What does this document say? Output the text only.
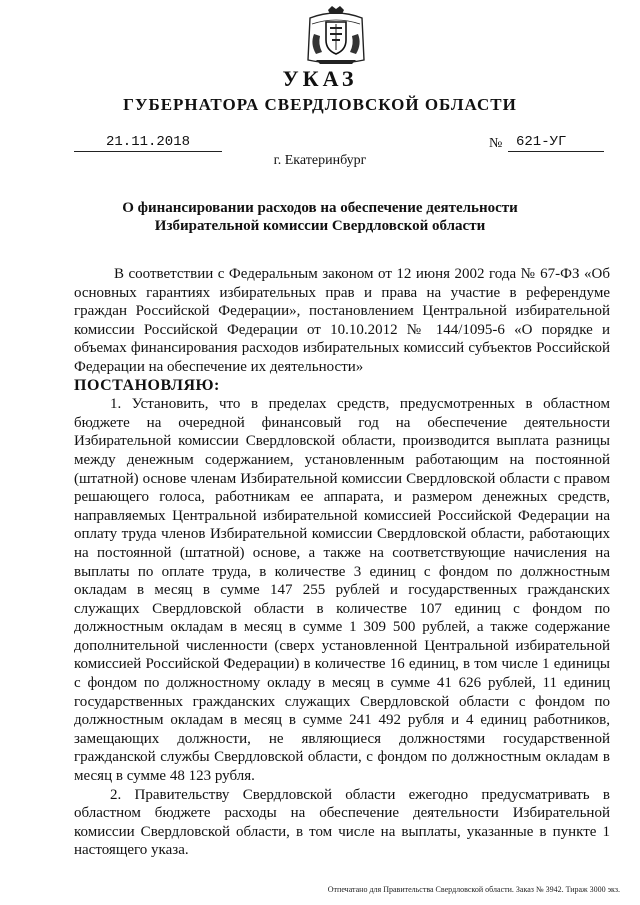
УКАЗ
ГУБЕРНАТОРА СВЕРДЛОВСКОЙ ОБЛАСТИ
21.11.2018	№ 621-УГ
г. Екатеринбург
О финансировании расходов на обеспечение деятельности
Избирательной комиссии Свердловской области

В соответствии с Федеральным законом от 12 июня 2002 года № 67-ФЗ «Об основных гарантиях избирательных прав и права на участие в референдуме граждан Российской Федерации», постановлением Центральной избирательной комиссии Российской Федерации от 10.10.2012 № 144/1095-6 «О порядке и объемах финансирования расходов избирательных комиссий субъектов Российской Федерации на обеспечение их деятельности»

ПОСТАНОВЛЯЮ:

1. Установить, что в пределах средств, предусмотренных в областном бюджете на очередной финансовый год на обеспечение деятельности Избирательной комиссии Свердловской области, производится выплата разницы между денежным содержанием, установленным работающим на постоянной (штатной) основе членам Избирательной комиссии Свердловской области с правом решающего голоса, работникам ее аппарата, и размером денежных средств, направляемых Центральной избирательной комиссией Российской Федерации на оплату труда членов Избирательной комиссии Свердловской области, работающих на постоянной (штатной) основе, а также на соответствующие начисления на выплаты по оплате труда, в количестве 3 единиц с фондом по должностным окладам в месяц в сумме 147 255 рублей и государственных гражданских служащих Свердловской области в количестве 107 единиц с фондом по должностным окладам в месяц в сумме 1 309 500 рублей, а также содержание дополнительной численности (сверх установленной Центральной избирательной комиссией Российской Федерации) в количестве 16 единиц, в том числе 1 единицы с фондом по должностному окладу в месяц в сумме 41 626 рублей, 11 единиц государственных гражданских служащих Свердловской области с фондом по должностным окладам в месяц в сумме 241 492 рубля и 4 единиц работников, замещающих должности, не являющиеся должностями государственной гражданской службы Свердловской области, с фондом по должностным окладам в месяц в сумме 48 123 рубля.

2. Правительству Свердловской области ежегодно предусматривать в областном бюджете расходы на обеспечение деятельности Избирательной комиссии Свердловской области, в том числе на выплаты, указанные в пункте 1 настоящего указа.

Отпечатано для Правительства Свердловской области. Заказ № 3942. Тираж 3000 экз.
